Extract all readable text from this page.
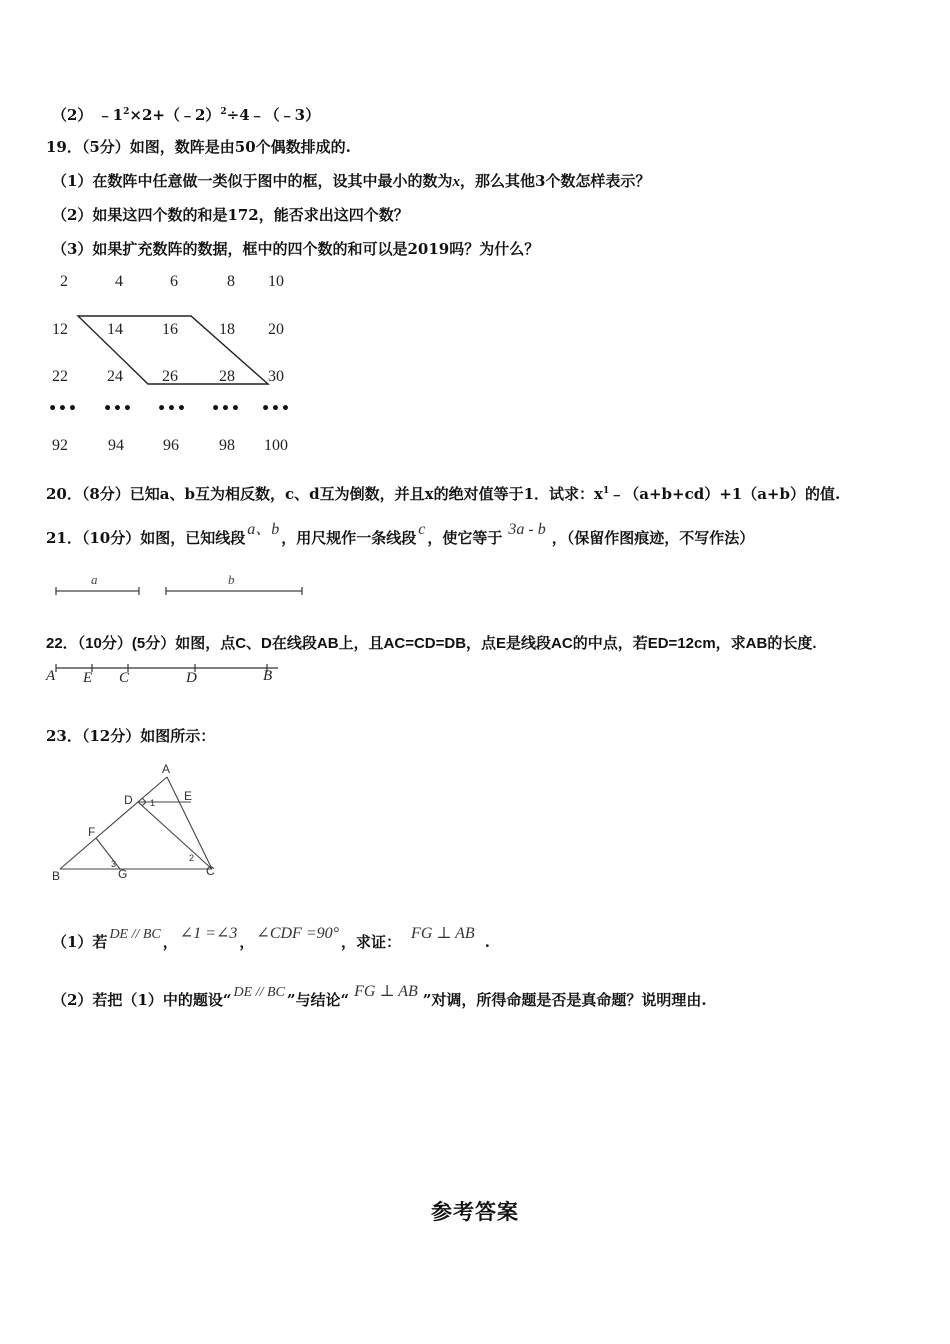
（2） $﹣1^2\times 2+(﹣2)^2\div 4﹣(﹣3)$
19．（5分）如图，数阵是由50个偶数排成的.
（1）在数阵中任意做一类似于图中的框，设其中最小的数为x，那么其他3个数怎样表示？
（2）如果这四个数的和是172，能否求出这四个数？
（3）如果扩充数阵的数据，框中的四个数的和可以是2019吗？为什么？
2	4	6	8	10
12	14	16	18	20
22	24	26	28	30
•••	•••	•••	•••	•••
92	94	96	98	100
20．（8分）已知a、b互为相反数，c、d互为倒数，并且x的绝对值等于1．试求：$x^1﹣(a+b+cd)+1(a+b)$的值.
21．（10分）如图，已知线段 a、b ，用尺规作一条线段 c ，使它等于 3a - b ，（保留作图痕迹，不写作法）
a	b
22．（10分）(5分）如图，点C、D在线段AB上，且AC=CD=DB，点E是线段AC的中点，若ED=12cm，求AB的长度.
A E C	D	B
23．（12分）如图所示：
A
D	E
F
B	G	C
1
2
3
（1）若 DE // BC ， ∠1 =∠3 ， ∠CDF =90° ，求证： FG ⊥ AB .
（2）若把（1）中的题设“ DE // BC ”与结论“ FG ⊥ AB ”对调，所得命题是否是真命题？说明理由.
参考答案
